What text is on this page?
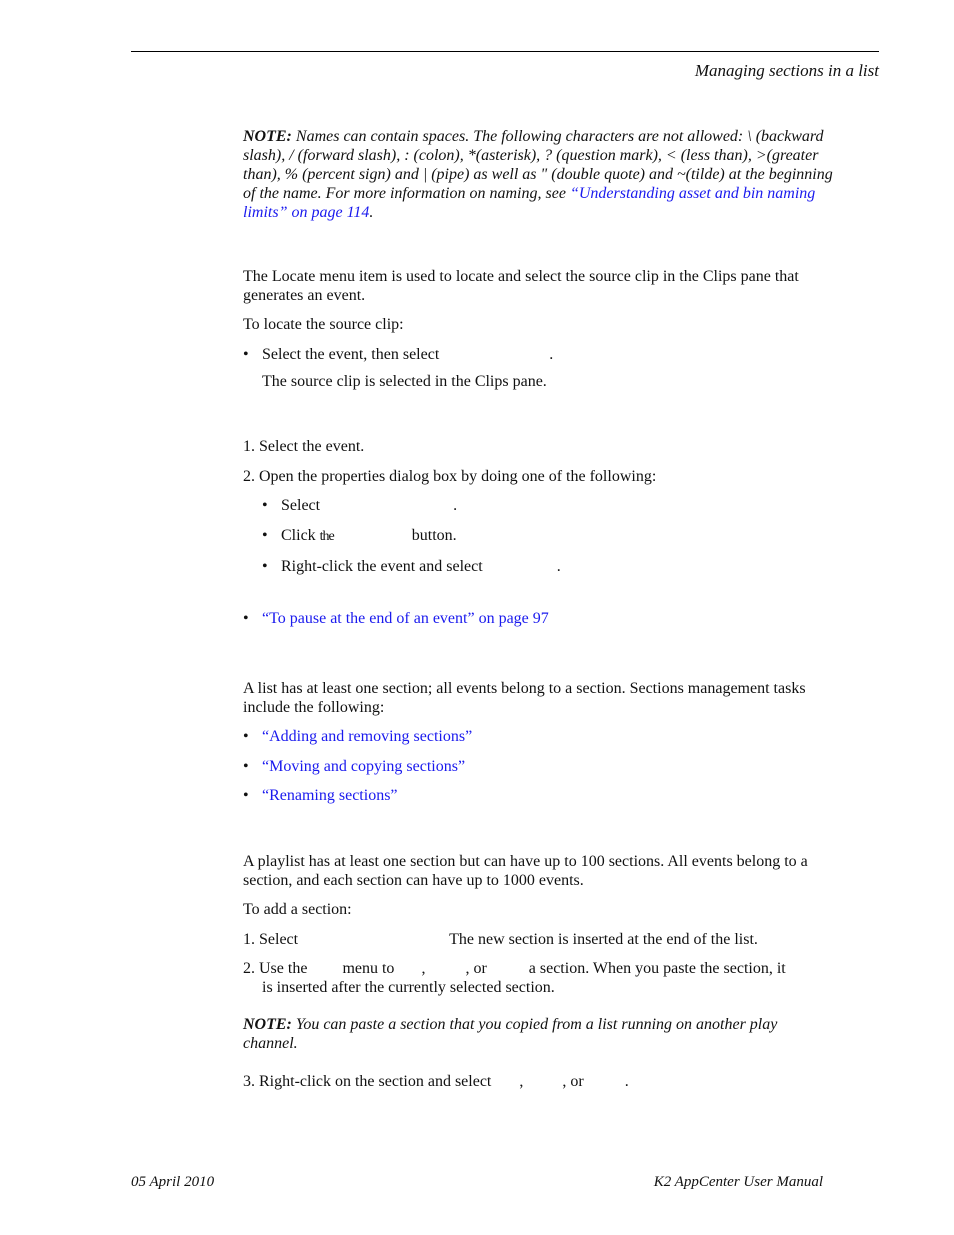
Managing sections in a list
NOTE: Names can contain spaces. The following characters are not allowed: \ (backward slash), / (forward slash), : (colon), *(asterisk), ? (question mark), < (less than), >(greater than), % (percent sign) and | (pipe) as well as " (double quote) and ~(tilde) at the beginning of the name. For more information on naming, see “Understanding asset and bin naming limits” on page 114.
The Locate menu item is used to locate and select the source clip in the Clips pane that generates an event.
To locate the source clip:
• Select the event, then select	.
The source clip is selected in the Clips pane.
1. Select the event.
2. Open the properties dialog box by doing one of the following:
• Select	.
• Click the	button.
• Right-click the event and select	.
• “To pause at the end of an event” on page 97
A list has at least one section; all events belong to a section. Sections management tasks include the following:
• “Adding and removing sections”
• “Moving and copying sections”
• “Renaming sections”
A playlist has at least one section but can have up to 100 sections. All events belong to a section, and each section can have up to 1000 events.
To add a section:
1. Select	The new section is inserted at the end of the list.
2. Use the menu to ,	, or	a section. When you paste the section, it
is inserted after the currently selected section.
NOTE: You can paste a section that you copied from a list running on another play channel.
3. Right-click on the section and select , , or	.
05 April 2010	K2 AppCenter User Manual
